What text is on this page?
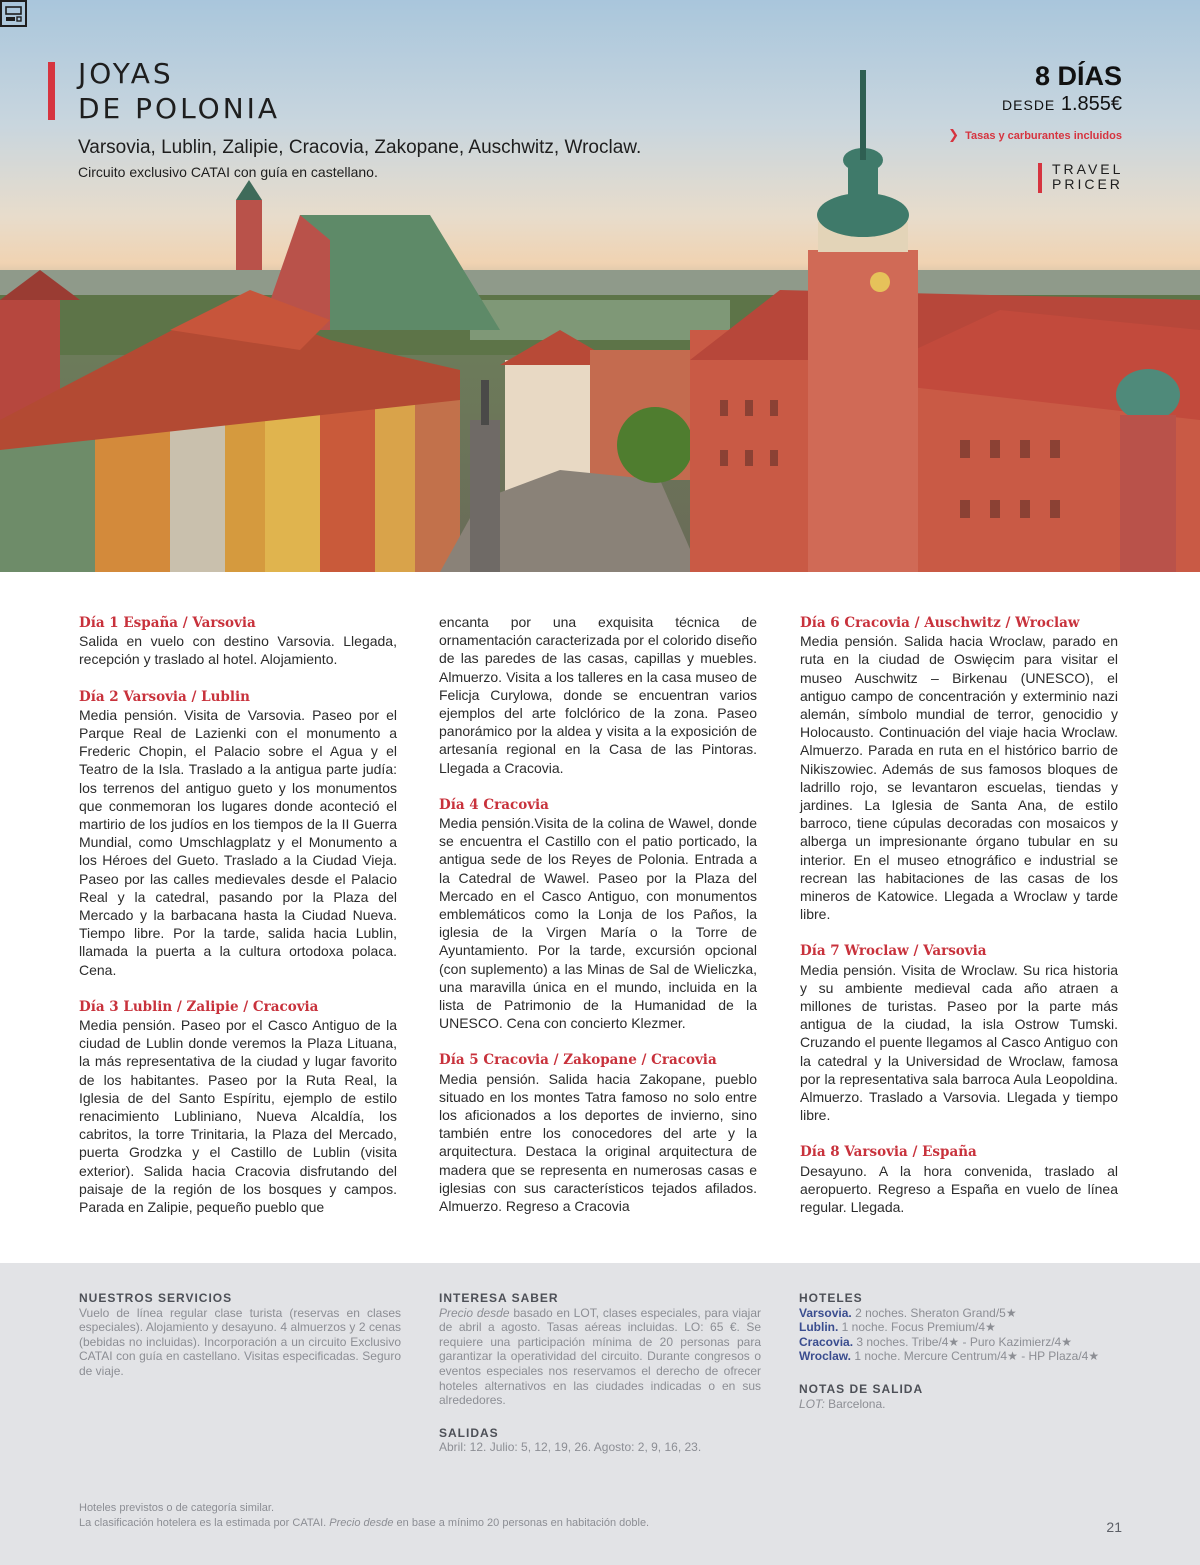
JOYAS
DE POLONIA
Varsovia, Lublin, Zalipie, Cracovia, Zakopane, Auschwitz, Wroclaw.
Circuito exclusivo CATAI con guía en castellano.
8 DÍAS
DESDE 1.855€
❯ Tasas y carburantes incluidos
TRAVEL
PRICER

Día 1 España / Varsovia
Salida en vuelo con destino Varsovia. Llegada, recepción y traslado al hotel. Alojamiento.

Día 2 Varsovia / Lublin
Media pensión. Visita de Varsovia. Paseo por el Parque Real de Lazienki con el monumento a Frederic Chopin, el Palacio sobre el Agua y el Teatro de la Isla. Traslado a la antigua parte judía: los terrenos del antiguo gueto y los monumentos que conmemoran los lugares donde aconteció el martirio de los judíos en los tiempos de la II Guerra Mundial, como Umschlagplatz y el Monumento a los Héroes del Gueto. Traslado a la Ciudad Vieja. Paseo por las calles medievales desde el Palacio Real y la catedral, pasando por la Plaza del Mercado y la barbacana hasta la Ciudad Nueva. Tiempo libre. Por la tarde, salida hacia Lublin, llamada la puerta a la cultura ortodoxa polaca. Cena.

Día 3 Lublin / Zalipie / Cracovia
Media pensión. Paseo por el Casco Antiguo de la ciudad de Lublin donde veremos la Plaza Lituana, la más representativa de la ciudad y lugar favorito de los habitantes. Paseo por la Ruta Real, la Iglesia de del Santo Espíritu, ejemplo de estilo renacimiento Lubliniano, Nueva Alcaldía, los cabritos, la torre Trinitaria, la Plaza del Mercado, puerta Grodzka y el Castillo de Lublin (visita exterior). Salida hacia Cracovia disfrutando del paisaje de la región de los bosques y campos. Parada en Zalipie, pequeño pueblo que

encanta por una exquisita técnica de ornamentación caracterizada por el colorido diseño de las paredes de las casas, capillas y muebles. Almuerzo. Visita a los talleres en la casa museo de Felicja Curylowa, donde se encuentran varios ejemplos del arte folclórico de la zona. Paseo panorámico por la aldea y visita a la exposición de artesanía regional en la Casa de las Pintoras. Llegada a Cracovia.

Día 4 Cracovia
Media pensión.Visita de la colina de Wawel, donde se encuentra el Castillo con el patio porticado, la antigua sede de los Reyes de Polonia. Entrada a la Catedral de Wawel. Paseo por la Plaza del Mercado en el Casco Antiguo, con monumentos emblemáticos como la Lonja de los Paños, la iglesia de la Virgen María o la Torre de Ayuntamiento. Por la tarde, excursión opcional (con suplemento) a las Minas de Sal de Wieliczka, una maravilla única en el mundo, incluida en la lista de Patrimonio de la Humanidad de la UNESCO. Cena con concierto Klezmer.

Día 5 Cracovia / Zakopane / Cracovia
Media pensión. Salida hacia Zakopane, pueblo situado en los montes Tatra famoso no solo entre los aficionados a los deportes de invierno, sino también entre los conocedores del arte y la arquitectura. Destaca la original arquitectura de madera que se representa en numerosas casas e iglesias con sus característicos tejados afilados. Almuerzo. Regreso a Cracovia

Día 6 Cracovia / Auschwitz / Wroclaw
Media pensión. Salida hacia Wroclaw, parado en ruta en la ciudad de Oswięcim para visitar el museo Auschwitz – Birkenau (UNESCO), el antiguo campo de concentración y exterminio nazi alemán, símbolo mundial de terror, genocidio y Holocausto. Continuación del viaje hacia Wroclaw. Almuerzo. Parada en ruta en el histórico barrio de Nikiszowiec. Además de sus famosos bloques de ladrillo rojo, se levantaron escuelas, tiendas y jardines. La Iglesia de Santa Ana, de estilo barroco, tiene cúpulas decoradas con mosaicos y alberga un impresionante órgano tubular en su interior. En el museo etnográfico e industrial se recrean las habitaciones de las casas de los mineros de Katowice. Llegada a Wroclaw y tarde libre.

Día 7 Wroclaw / Varsovia
Media pensión. Visita de Wroclaw. Su rica historia y su ambiente medieval cada año atraen a millones de turistas. Paseo por la parte más antigua de la ciudad, la isla Ostrow Tumski. Cruzando el puente llegamos al Casco Antiguo con la catedral y la Universidad de Wroclaw, famosa por la representativa sala barroca Aula Leopoldina. Almuerzo. Traslado a Varsovia. Llegada y tiempo libre.

Día 8 Varsovia / España
Desayuno. A la hora convenida, traslado al aeropuerto. Regreso a España en vuelo de línea regular. Llegada.

NUESTROS SERVICIOS
Vuelo de línea regular clase turista (reservas en clases especiales). Alojamiento y desayuno. 4 almuerzos y 2 cenas (bebidas no incluidas). Incorporación a un circuito Exclusivo CATAI con guía en castellano. Visitas especificadas. Seguro de viaje.
INTERESA SABER
Precio desde basado en LOT, clases especiales, para viajar de abril a agosto. Tasas aéreas incluidas. LO: 65 €. Se requiere una participación mínima de 20 personas para garantizar la operatividad del circuito. Durante congresos o eventos especiales nos reservamos el derecho de ofrecer hoteles alternativos en las ciudades indicadas o en sus alrededores.
SALIDAS
Abril: 12. Julio: 5, 12, 19, 26. Agosto: 2, 9, 16, 23.
HOTELES
Varsovia. 2 noches. Sheraton Grand/5★
Lublin. 1 noche. Focus Premium/4★
Cracovia. 3 noches. Tribe/4★ - Puro Kazimierz/4★
Wroclaw. 1 noche. Mercure Centrum/4★ - HP Plaza/4★
NOTAS DE SALIDA
LOT: Barcelona.
Hoteles previstos o de categoría similar.
La clasificación hotelera es la estimada por CATAI. Precio desde en base a mínimo 20 personas en habitación doble.	21
